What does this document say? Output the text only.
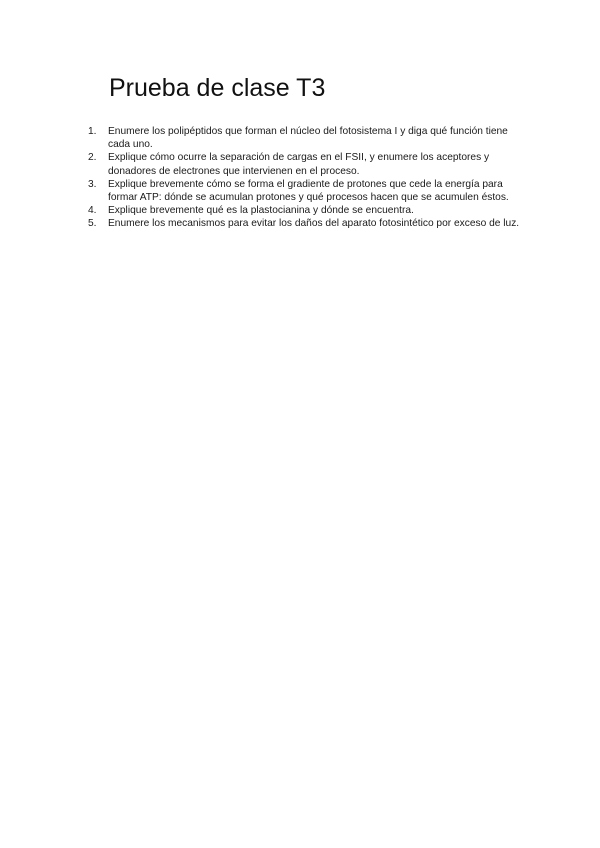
Prueba de clase T3
1.	Enumere los polipéptidos que forman el núcleo del fotosistema I y diga qué función tiene cada uno.
2.	Explique cómo ocurre la separación de cargas en el FSII, y enumere los aceptores y donadores de electrones que intervienen en el proceso.
3.	Explique brevemente cómo se forma el gradiente de protones que cede la energía para formar ATP: dónde se acumulan protones y qué procesos hacen que se acumulen éstos.
4.	Explique brevemente qué es la plastocianina y dónde se encuentra.
5.	Enumere los mecanismos para evitar los daños del aparato fotosintético por exceso de luz.
